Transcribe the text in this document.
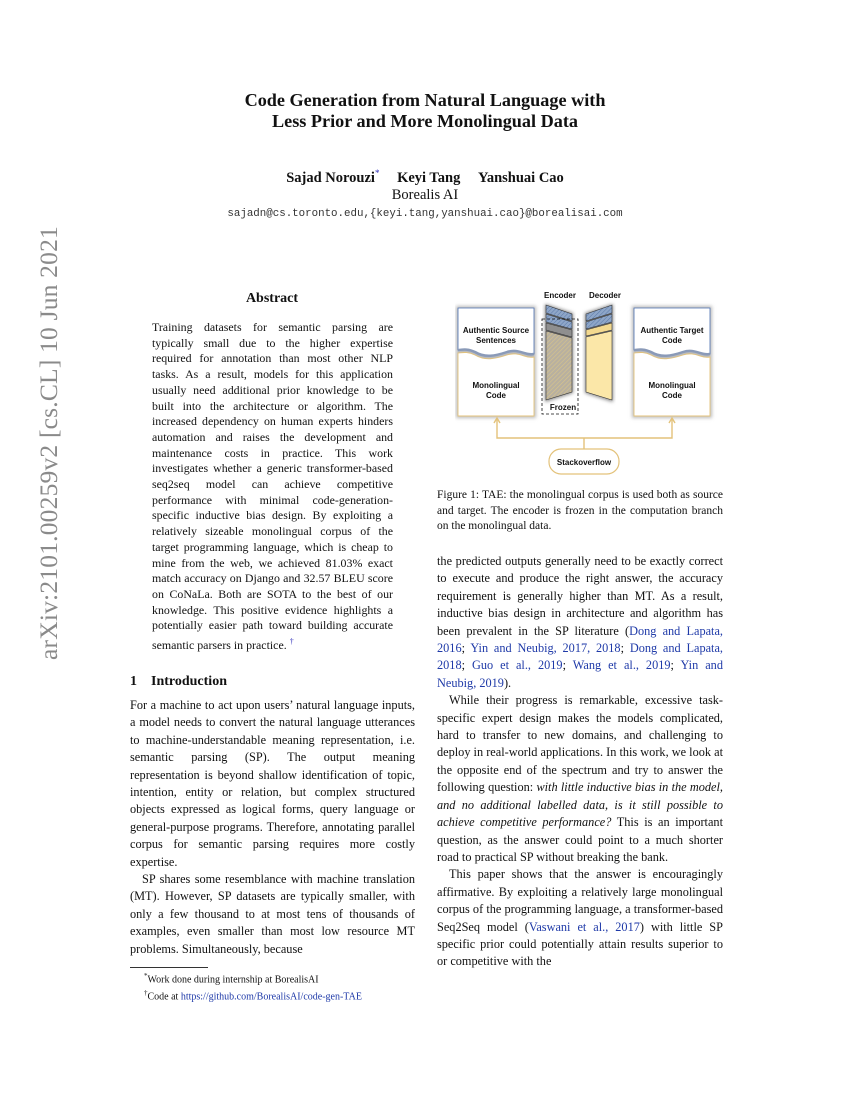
arXiv:2101.00259v2 [cs.CL] 10 Jun 2021
Code Generation from Natural Language with
Less Prior and More Monolingual Data
Sajad Norouzi* Keyi Tang Yanshuai Cao
Borealis AI
sajadn@cs.toronto.edu,{keyi.tang,yanshuai.cao}@borealisai.com
Abstract
Training datasets for semantic parsing are typically small due to the higher expertise required for annotation than most other NLP tasks. As a result, models for this application usually need additional prior knowledge to be built into the architecture or algorithm. The increased dependency on human experts hinders automation and raises the development and maintenance costs in practice. This work investigates whether a generic transformer-based seq2seq model can achieve competitive performance with minimal code-generation-specific inductive bias design. By exploiting a relatively sizeable monolingual corpus of the target programming language, which is cheap to mine from the web, we achieved 81.03% exact match accuracy on Django and 32.57 BLEU score on CoNaLa. Both are SOTA to the best of our knowledge. This positive evidence highlights a potentially easier path toward building accurate semantic parsers in practice. †
1 Introduction

For a machine to act upon users’ natural language inputs, a model needs to convert the natural language utterances to machine-understandable meaning representation, i.e. semantic parsing (SP). The output meaning representation is beyond shallow identification of topic, intention, entity or relation, but complex structured objects expressed as logical forms, query language or general-purpose programs. Therefore, annotating parallel corpus for semantic parsing requires more costly expertise.

SP shares some resemblance with machine translation (MT). However, SP datasets are typically smaller, with only a few thousand to at most tens of thousands of examples, even smaller than most low resource MT problems. Simultaneously, because

*Work done during internship at BorealisAI
†Code at https://github.com/BorealisAI/code-gen-TAE
Encoder Decoder
Authentic Source
Sentences
Monolingual
Code
Frozen
Authentic Target
Code
Monolingual
Code
Stackoverflow
Figure 1: TAE: the monolingual corpus is used both as source and target. The encoder is frozen in the computation branch on the monolingual data.

the predicted outputs generally need to be exactly correct to execute and produce the right answer, the accuracy requirement is generally higher than MT. As a result, inductive bias design in architecture and algorithm has been prevalent in the SP literature (Dong and Lapata, 2016; Yin and Neubig, 2017, 2018; Dong and Lapata, 2018; Guo et al., 2019; Wang et al., 2019; Yin and Neubig, 2019).

While their progress is remarkable, excessive task-specific expert design makes the models complicated, hard to transfer to new domains, and challenging to deploy in real-world applications. In this work, we look at the opposite end of the spectrum and try to answer the following question: with little inductive bias in the model, and no additional labelled data, is it still possible to achieve competitive performance? This is an important question, as the answer could point to a much shorter road to practical SP without breaking the bank.

This paper shows that the answer is encouragingly affirmative. By exploiting a relatively large monolingual corpus of the programming language, a transformer-based Seq2Seq model (Vaswani et al., 2017) with little SP specific prior could potentially attain results superior to or competitive with the
